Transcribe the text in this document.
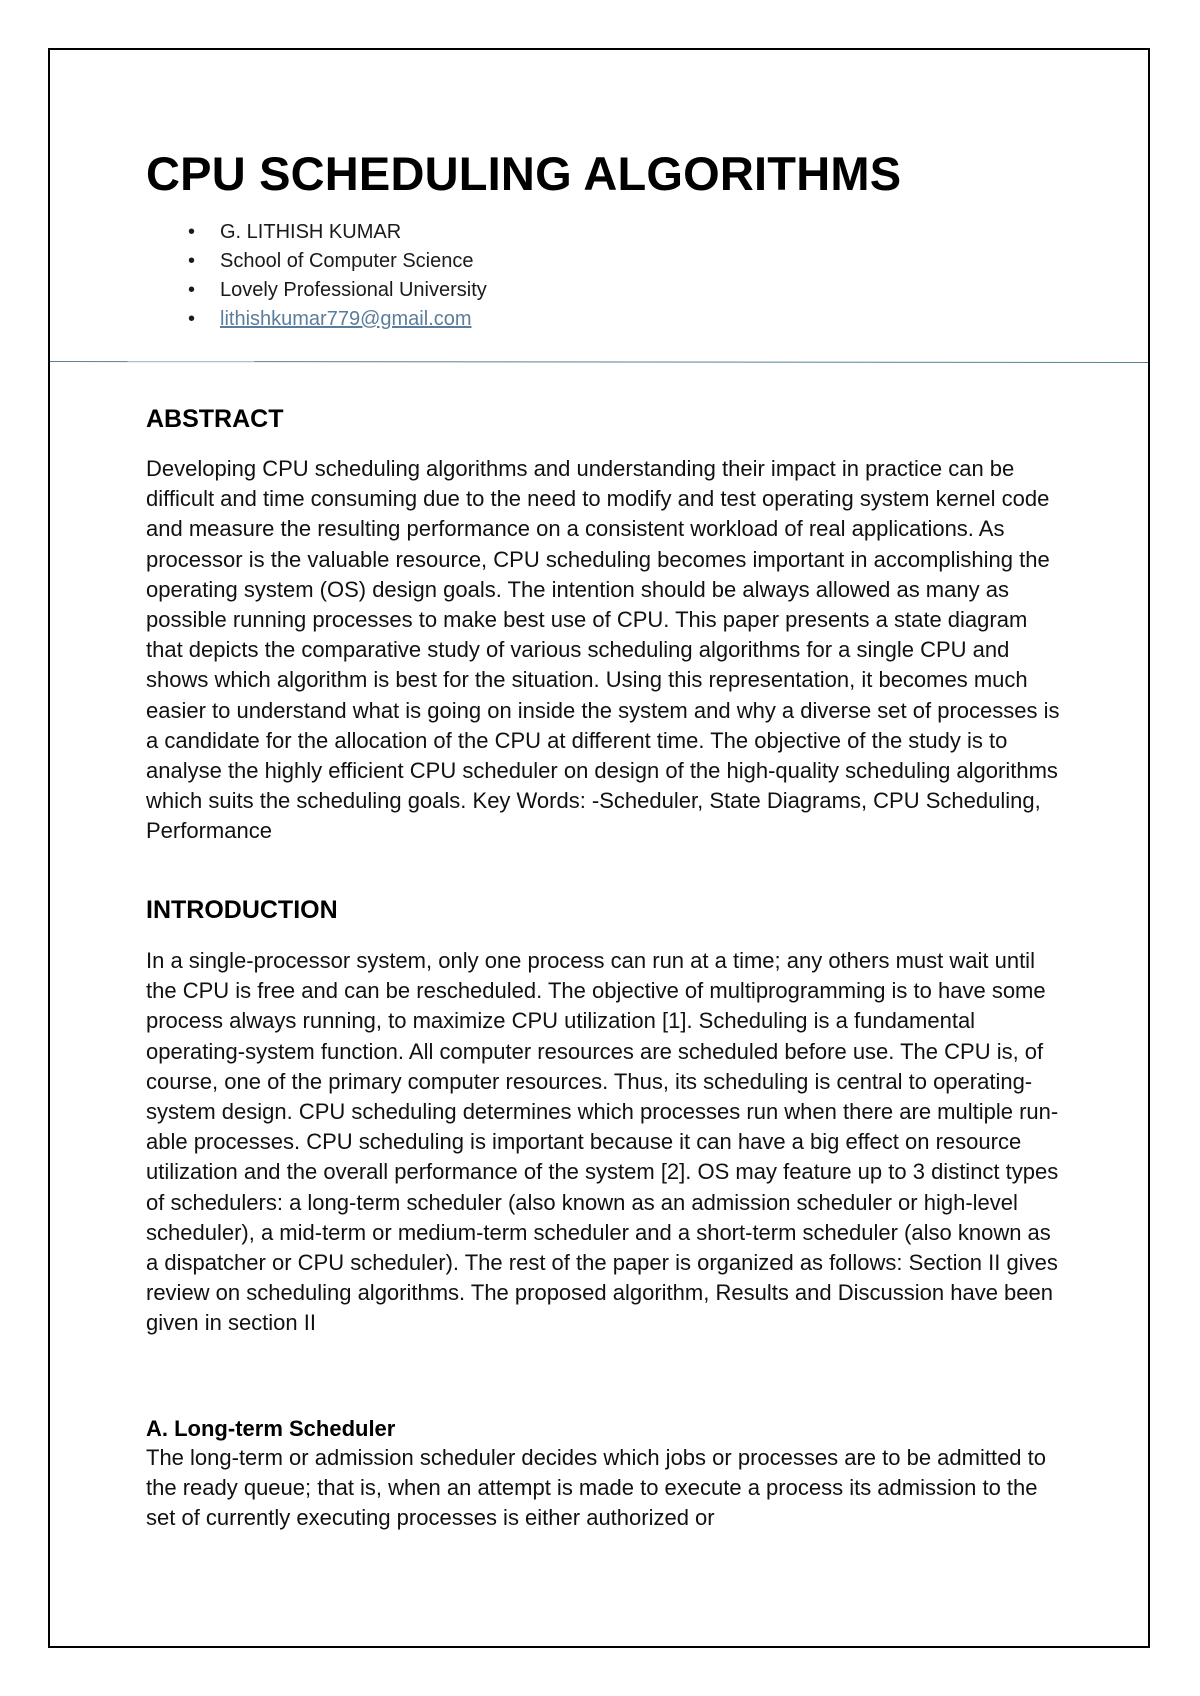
CPU SCHEDULING ALGORITHMS
• G. LITHISH KUMAR
• School of Computer Science
• Lovely Professional University
• lithishkumar779@gmail.com
ABSTRACT

Developing CPU scheduling algorithms and understanding their impact in practice can be difficult and time consuming due to the need to modify and test operating system kernel code and measure the resulting performance on a consistent workload of real applications. As processor is the valuable resource, CPU scheduling becomes important in accomplishing the operating system (OS) design goals. The intention should be always allowed as many as possible running processes to make best use of CPU. This paper presents a state diagram that depicts the comparative study of various scheduling algorithms for a single CPU and shows which algorithm is best for the situation. Using this representation, it becomes much easier to understand what is going on inside the system and why a diverse set of processes is a candidate for the allocation of the CPU at different time. The objective of the study is to analyse the highly efficient CPU scheduler on design of the high-quality scheduling algorithms which suits the scheduling goals. Key Words: -Scheduler, State Diagrams, CPU Scheduling, Performance

INTRODUCTION

In a single-processor system, only one process can run at a time; any others must wait until the CPU is free and can be rescheduled. The objective of multiprogramming is to have some process always running, to maximize CPU utilization [1]. Scheduling is a fundamental operating-system function. All computer resources are scheduled before use. The CPU is, of course, one of the primary computer resources. Thus, its scheduling is central to operating-system design. CPU scheduling determines which processes run when there are multiple run-able processes. CPU scheduling is important because it can have a big effect on resource utilization and the overall performance of the system [2]. OS may feature up to 3 distinct types of schedulers: a long-term scheduler (also known as an admission scheduler or high-level scheduler), a mid-term or medium-term scheduler and a short-term scheduler (also known as a dispatcher or CPU scheduler). The rest of the paper is organized as follows: Section II gives review on scheduling algorithms. The proposed algorithm, Results and Discussion have been given in section II

A. Long-term Scheduler

The long-term or admission scheduler decides which jobs or processes are to be admitted to the ready queue; that is, when an attempt is made to execute a process its admission to the set of currently executing processes is either authorized or
